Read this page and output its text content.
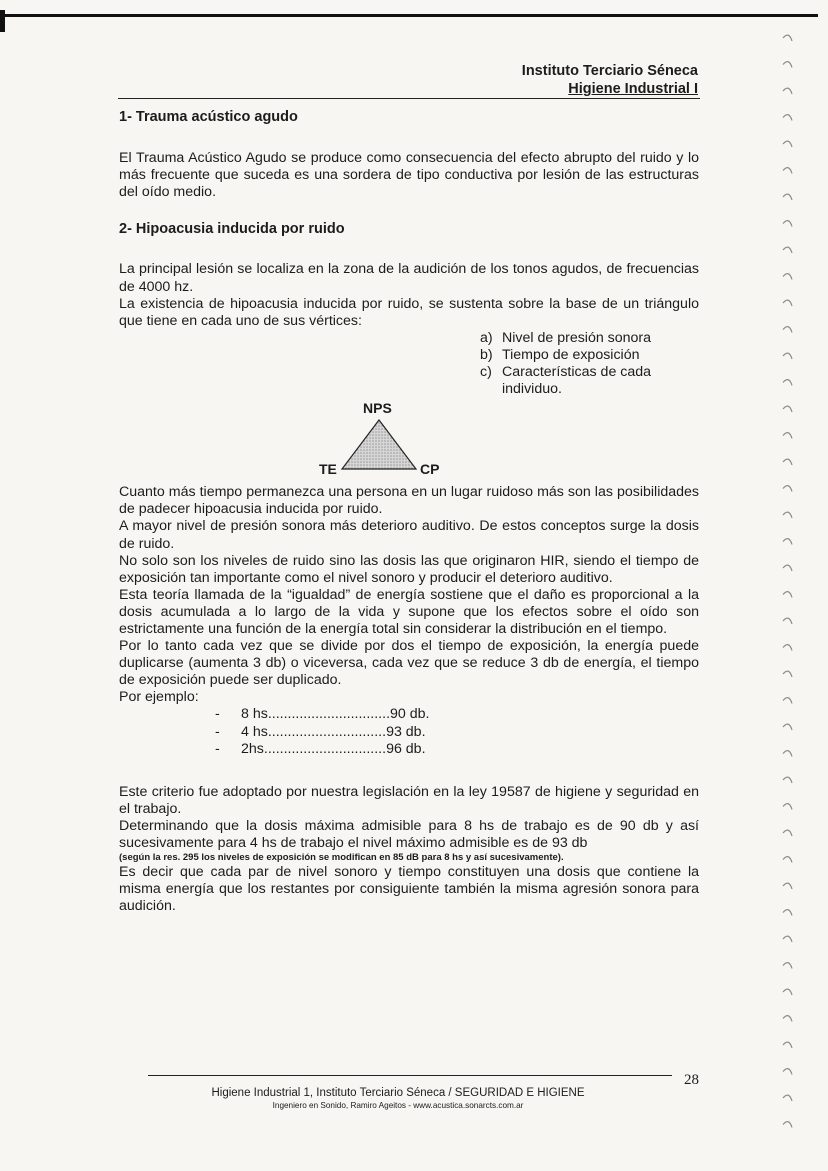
Instituto Terciario Séneca
Higiene Industrial I
1- Trauma acústico agudo

El Trauma Acústico Agudo se produce como consecuencia del efecto abrupto del ruido y lo más frecuente que suceda es una sordera de tipo conductiva por lesión de las estructuras del oído medio.

2- Hipoacusia inducida por ruido

La principal lesión se localiza en la zona de la audición de los tonos agudos, de frecuencias de 4000 hz.

La existencia de hipoacusia inducida por ruido, se sustenta sobre la base de un triángulo que tiene en cada uno de sus vértices:

a) Nivel de presión sonora
b) Tiempo de exposición
c) Características de cada individuo.
NPS
TE	CP

Cuanto más tiempo permanezca una persona en un lugar ruidoso más son las posibilidades de padecer hipoacusia inducida por ruido.

A mayor nivel de presión sonora más deterioro auditivo. De estos conceptos surge la dosis de ruido.

No solo son los niveles de ruido sino las dosis las que originaron HIR, siendo el tiempo de exposición tan importante como el nivel sonoro y producir el deterioro auditivo.

Esta teoría llamada de la “igualdad” de energía sostiene que el daño es proporcional a la dosis acumulada a lo largo de la vida y supone que los efectos sobre el oído son estrictamente una función de la energía total sin considerar la distribución en el tiempo.

Por lo tanto cada vez que se divide por dos el tiempo de exposición, la energía puede duplicarse (aumenta 3 db) o viceversa, cada vez que se reduce 3 db de energía, el tiempo de exposición puede ser duplicado.

Por ejemplo:

-	8 hs...............................90 db.
-	4 hs..............................93 db.
-	2hs...............................96 db.

Este criterio fue adoptado por nuestra legislación en la ley 19587 de higiene y seguridad en el trabajo.

Determinando que la dosis máxima admisible para 8 hs de trabajo es de 90 db y así sucesivamente para 4 hs de trabajo el nivel máximo admisible es de 93 db

(según la res. 295 los niveles de exposición se modifican en 85 dB para 8 hs y así sucesivamente).

Es decir que cada par de nivel sonoro y tiempo constituyen una dosis que contiene la misma energía que los restantes por consiguiente también la misma agresión sonora para audición.

28
Higiene Industrial 1, Instituto Terciario Séneca / SEGURIDAD E HIGIENE
Ingeniero en Sonido, Ramiro Ageitos - www.acustica.sonarcts.com.ar
